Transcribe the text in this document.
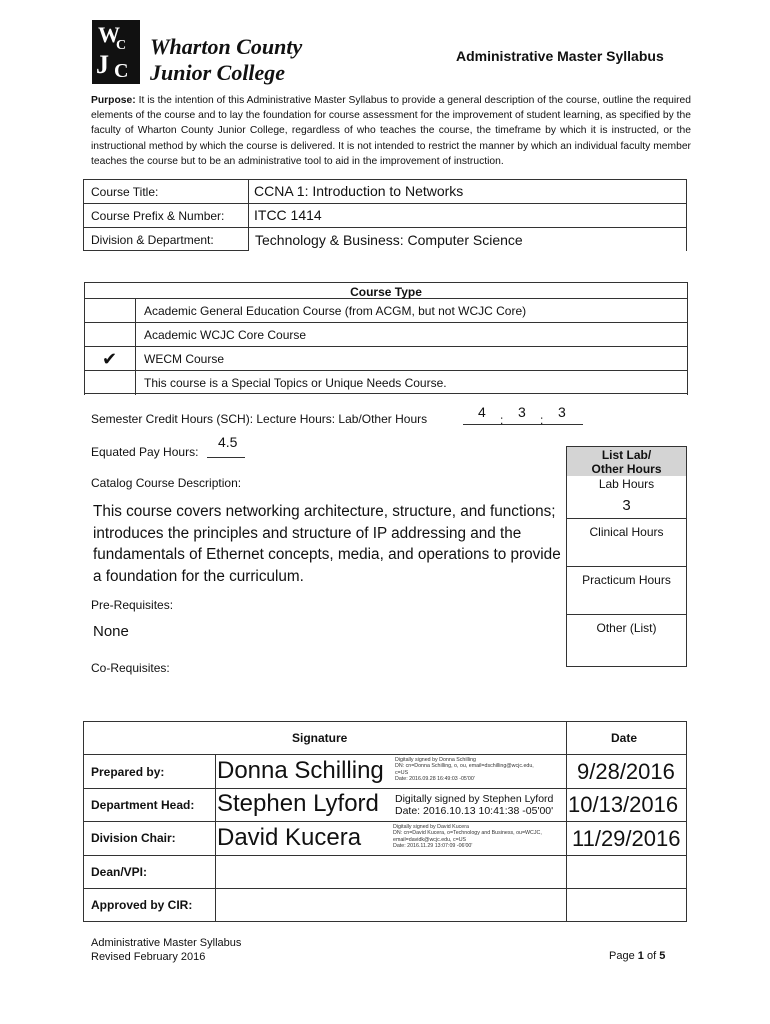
W
C
J C
Wharton County
Junior College
Administrative Master Syllabus
Purpose: It is the intention of this Administrative Master Syllabus to provide a general description of the course, outline the required elements of the course and to lay the foundation for course assessment for the improvement of student learning, as specified by the faculty of Wharton County Junior College, regardless of who teaches the course, the timeframe by which it is instructed, or the instructional method by which the course is delivered. It is not intended to restrict the manner by which an individual faculty member teaches the course but to be an administrative tool to aid in the improvement of instruction.
Course Title:	CCNA 1: Introduction to Networks
Course Prefix & Number: ITCC 1414
Division & Department:	Technology & Business: Computer Science
Course Type
Academic General Education Course (from ACGM, but not WCJC Core)
Academic WCJC Core Course
✔	WECM Course
This course is a Special Topics or Unique Needs Course.
Semester Credit Hours (SCH): Lecture Hours: Lab/Other Hours	4 : 3 : 3
Equated Pay Hours:
4.5
Catalog Course Description:
This course covers networking architecture, structure, and functions; introduces the principles and structure of IP addressing and the fundamentals of Ethernet concepts, media, and operations to provide a foundation for the curriculum.
Pre-Requisites:
None
Co-Requisites:
List Lab/
Other Hours
Lab Hours
3
Clinical Hours
Practicum Hours
Other (List)
Signature	Date
Prepared by: Donna Schilling Digitally signed by Donna Schilling
DN: cn=Donna Schilling, o, ou, email=dschilling@wcjc.edu,
c=US
Date: 2016.09.28 16:49:03 -05'00'	9/28/2016
Department Head: Stephen Lyford Digitally signed by Stephen Lyford
Date: 2016.10.13 10:41:38 -05'00' 10/13/2016
Division Chair: David Kucera	Digitally signed by David Kucera
DN: cn=David Kucera, o=Technology and Business, ou=WCJC,
email=davidk@wcjc.edu, c=US
Date: 2016.11.29 13:07:09 -06'00'	11/29/2016
Dean/VPI:
Approved by CIR:
Administrative Master Syllabus
Revised February 2016	Page 1 of 5
